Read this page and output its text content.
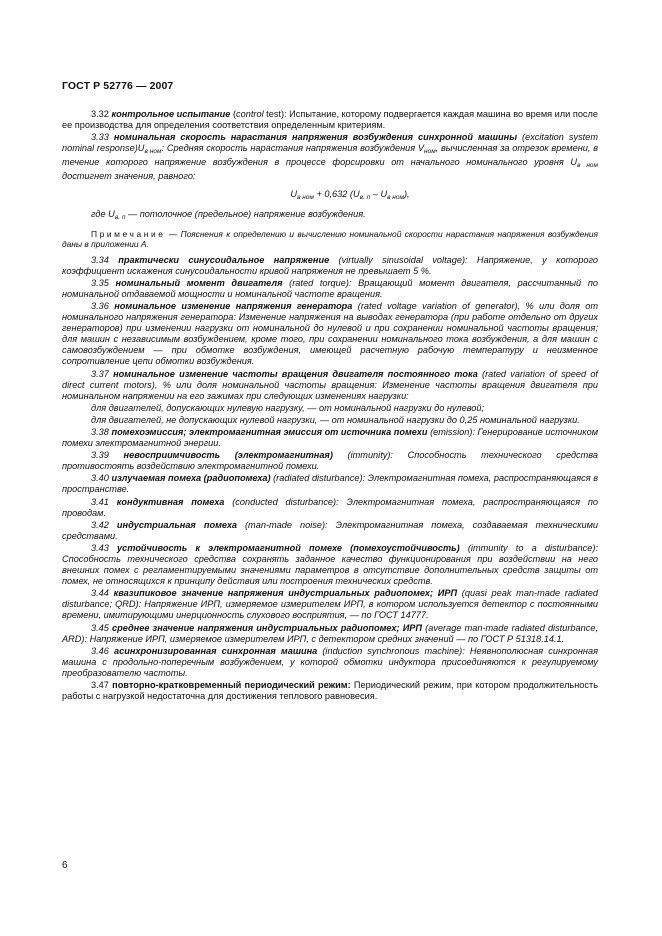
ГОСТ Р 52776 — 2007

3.32 контрольное испытание (control test): Испытание, которому подвергается каждая машина во время или после ее производства для определения соответствия определенным критериям.

3.33 номинальная скорость нарастания напряжения возбуждения синхронной машины (excitation system nominal $response)U_{в ном}$: Средняя скорость нарастания напряжения возбуждения $V_{ном}$, вычисленная за отрезок времени, в течение которого напряжение возбуждения в процессе форсировки от начального номинального уровня $U_{в ном}$ достигнет значения, равного:

$U_{в ном} + 0,632$ $(U_{в. п} - U_{в ном})$,

где $U_{в. п}$ — потолочное (предельное) напряжение возбуждения.

Примечание — Пояснения к определению и вычислению номинальной скорости нарастания напряжения возбуждения даны в приложении А.

3.34 практически синусоидальное напряжение (virtually sinusoidal voltage): Напряжение, у которого коэффициент искажения синусоидальности кривой напряжения не превышает 5 %.

3.35 номинальный момент двигателя (rated torque): Вращающий момент двигателя, рассчитанный по номинальной отдаваемой мощности и номинальной частоте вращения.

3.36 номинальное изменение напряжения генератора (rated voltage variation of generator), % или доля от номинального напряжения генератора: Изменение напряжения на выводах генератора (при работе отдельно от других генераторов) при изменении нагрузки от номинальной до нулевой и при сохранении номинальной частоты вращения; для машин с независимым возбуждением, кроме того, при сохранении номинального тока возбуждения, а для машин с самовозбуждением — при обмотке возбуждения, имеющей расчетную рабочую температуру и неизменное сопротивление цепи обмотки возбуждения.

3.37 номинальное изменение частоты вращения двигателя постоянного тока (rated variation of speed of direct current motors), % или доля номинальной частоты вращения: Изменение частоты вращения двигателя при номинальном напряжении на его зажимах при следующих изменениях нагрузки:

для двигателей, допускающих нулевую нагрузку, — от номинальной нагрузки до нулевой;

для двигателей, не допускающих нулевой нагрузки, — от номинальной нагрузки до 0,25 номинальной нагрузки.

3.38 помехоэмиссия; электромагнитная эмиссия от источника помехи (emission): Генерирование источником помехи электромагнитной энергии.

3.39 невосприимчивость (электромагнитная) (immunity): Способность технического средства противостоять воздействию электромагнитной помехи.

3.40 излучаемая помеха (радиопомеха) (radiated disturbance): Электромагнитная помеха, распространяющаяся в пространстве.

3.41 кондуктивная помеха (conducted disturbance): Электромагнитная помеха, распространяющаяся по проводам.

3.42 индустриальная помеха (man-made noise): Электромагнитная помеха, создаваемая техническими средствами.

3.43 устойчивость к электромагнитной помехе (помехоустойчивость) (immunity to a disturbance): Способность технического средства сохранять заданное качество функционирования при воздействии на него внешних помех с регламентируемыми значениями параметров в отсутствие дополнительных средств защиты от помех, не относящихся к принципу действия или построения технических средств.

3.44 квазипиковое значение напряжения индустриальных радиопомех; ИРП (quasi peak man-made radiated disturbance; QRD): Напряжение ИРП, измеряемое измерителем ИРП, в котором используется детектор с постоянными времени, имитирующими инерционность слухового восприятия, — по ГОСТ 14777.

3.45 среднее значение напряжения индустриальных радиопомех; ИРП (average man-made radiated disturbance, ARD): Напряжение ИРП, измеряемое измерителем ИРП, с детектором средних значений — по ГОСТ Р 51318.14.1.

3.46 асинхронизированная синхронная машина (induction synchronous machine): Неявнополюсная синхронная машина с продольно-поперечным возбуждением, у которой обмотки индуктора присоединяются к регулируемому преобразователю частоты.

3.47 повторно-кратковременный периодический режим: Периодический режим, при котором продолжительность работы с нагрузкой недостаточна для достижения теплового равновесия.

6
